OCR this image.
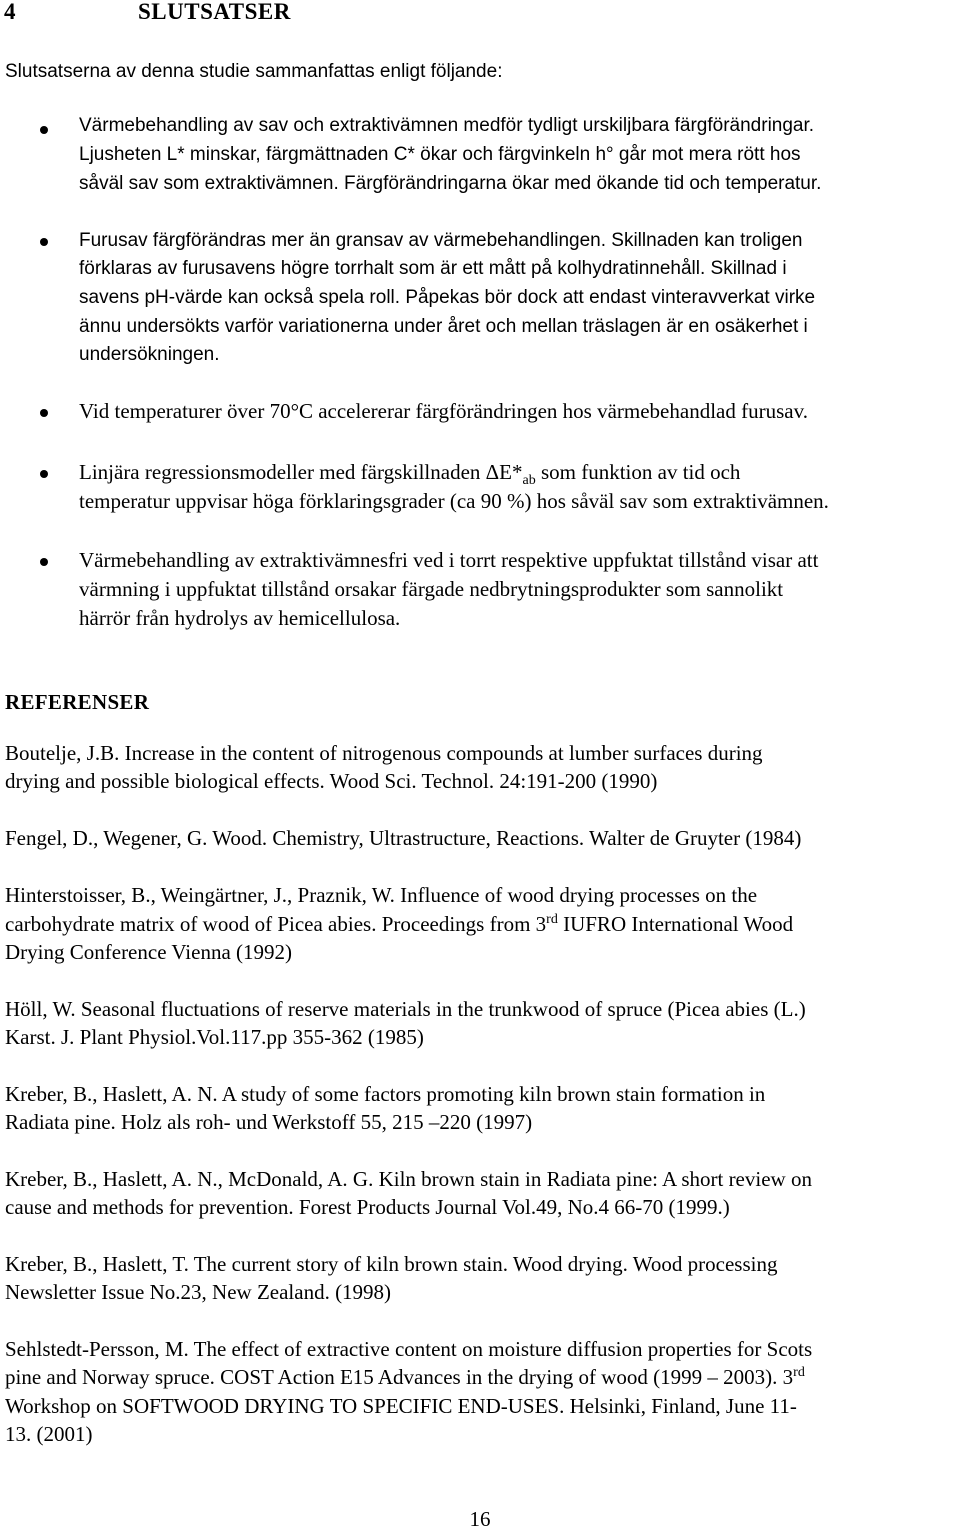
4	SLUTSATSER
Slutsatserna av denna studie sammanfattas enligt följande:
Värmebehandling av sav och extraktivämnen medför tydligt urskiljbara färgförändringar.
Ljusheten L* minskar, färgmättnaden C* ökar och färgvinkeln h° går mot mera rött hos
såväl sav som extraktivämnen. Färgförändringarna ökar med ökande tid och temperatur.
Furusav färgförändras mer än gransav av värmebehandlingen. Skillnaden kan troligen
förklaras av furusavens högre torrhalt som är ett mått på kolhydratinnehåll. Skillnad i
savens pH-värde kan också spela roll. Påpekas bör dock att endast vinteravverkat virke
ännu undersökts varför variationerna under året och mellan träslagen är en osäkerhet i
undersökningen.
Vid temperaturer över 70°C accelererar färgförändringen hos värmebehandlad furusav.
Linjära regressionsmodeller med färgskillnaden $\Delta E*_{ab}$ som funktion av tid och
temperatur uppvisar höga förklaringsgrader (ca 90 %) hos såväl sav som extraktivämnen.
Värmebehandling av extraktivämnesfri ved i torrt respektive uppfuktat tillstånd visar att
värmning i uppfuktat tillstånd orsakar färgade nedbrytningsprodukter som sannolikt
härrör från hydrolys av hemicellulosa.
REFERENSER
Boutelje, J.B. Increase in the content of nitrogenous compounds at lumber surfaces during
drying and possible biological effects. Wood Sci. Technol. 24:191-200 (1990)
Fengel, D., Wegener, G. Wood. Chemistry, Ultrastructure, Reactions. Walter de Gruyter (1984)
Hinterstoisser, B., Weingärtner, J., Praznik, W. Influence of wood drying processes on the
carbohydrate matrix of wood of Picea abies. Proceedings from 3rd IUFRO International Wood
Drying Conference Vienna (1992)
Höll, W. Seasonal fluctuations of reserve materials in the trunkwood of spruce (Picea abies (L.)
Karst. J. Plant Physiol.Vol.117.pp 355-362 (1985)
Kreber, B., Haslett, A. N. A study of some factors promoting kiln brown stain formation in
Radiata pine. Holz als roh- und Werkstoff 55, 215 –220 (1997)
Kreber, B., Haslett, A. N., McDonald, A. G. Kiln brown stain in Radiata pine: A short review on
cause and methods for prevention. Forest Products Journal Vol.49, No.4 66-70 (1999.)
Kreber, B., Haslett, T. The current story of kiln brown stain. Wood drying. Wood processing
Newsletter Issue No.23, New Zealand. (1998)
Sehlstedt-Persson, M. The effect of extractive content on moisture diffusion properties for Scots
pine and Norway spruce. COST Action E15 Advances in the drying of wood (1999 – 2003). 3rd
Workshop on SOFTWOOD DRYING TO SPECIFIC END-USES. Helsinki, Finland, June 11-
13. (2001)
16
